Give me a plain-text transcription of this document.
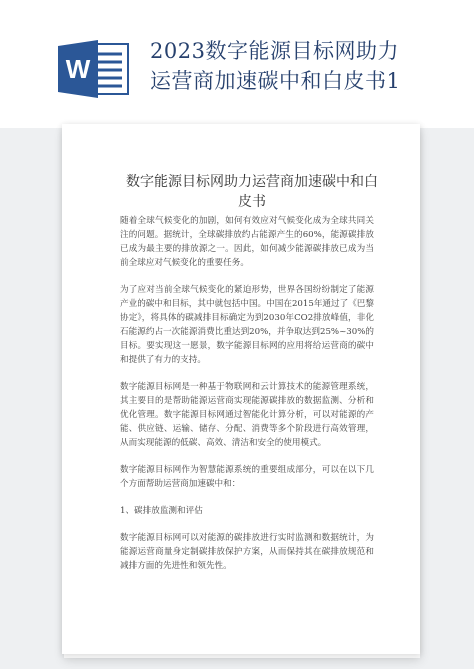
W
2023数字能源目标网助力
运营商加速碳中和白皮书1
数字能源目标网助力运营商加速碳中和白皮书

随着全球气候变化的加剧，如何有效应对气候变化成为全球共同关注的问题。据统计，全球碳排放约占能源产生的60%，能源碳排放已成为最主要的排放源之一。因此，如何减少能源碳排放已成为当前全球应对气候变化的重要任务。

为了应对当前全球气候变化的紧迫形势，世界各国纷纷制定了能源产业的碳中和目标，其中就包括中国。中国在2015年通过了《巴黎协定》，将具体的碳减排目标确定为到2030年CO2排放峰值，非化石能源约占一次能源消费比重达到20%，并争取达到25%~30%的目标。要实现这一愿景，数字能源目标网的应用将给运营商的碳中和提供了有力的支持。

数字能源目标网是一种基于物联网和云计算技术的能源管理系统，其主要目的是帮助能源运营商实现能源碳排放的数据监测、分析和优化管理。数字能源目标网通过智能化计算分析，可以对能源的产能、供应链、运输、储存、分配、消费等多个阶段进行高效管理，从而实现能源的低碳、高效、清洁和安全的使用模式。

数字能源目标网作为智慧能源系统的重要组成部分，可以在以下几个方面帮助运营商加速碳中和：

1、碳排放监测和评估

数字能源目标网可以对能源的碳排放进行实时监测和数据统计，为能源运营商量身定制碳排放保护方案，从而保持其在碳排放规范和减排方面的先进性和领先性。
